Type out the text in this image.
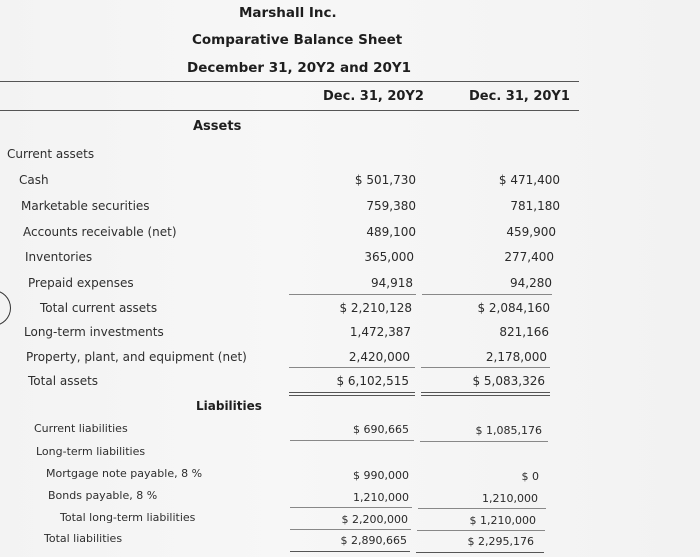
Marshall Inc.
Comparative Balance Sheet
December 31, 20Y2 and 20Y1
Dec. 31, 20Y2	Dec. 31, 20Y1
Assets
Current assets
Cash	$ 501,730	$ 471,400
Marketable securities	759,380	781,180
Accounts receivable (net)	489,100	459,900
Inventories	365,000	277,400
Prepaid expenses	94,918	94,280
Total current assets	$ 2,210,128	$ 2,084,160
Long-term investments	1,472,387	821,166
Property, plant, and equipment (net)	2,420,000	2,178,000
Total assets	$ 6,102,515	$ 5,083,326
Liabilities
Current liabilities	$ 690,665	$ 1,085,176
Long-term liabilities
Mortgage note payable, 8 %	$ 990,000	$ 0
Bonds payable, 8 %	1,210,000	1,210,000
Total long-term liabilities	$ 2,200,000	$ 1,210,000
Total liabilities	$ 2,890,665	$ 2,295,176
